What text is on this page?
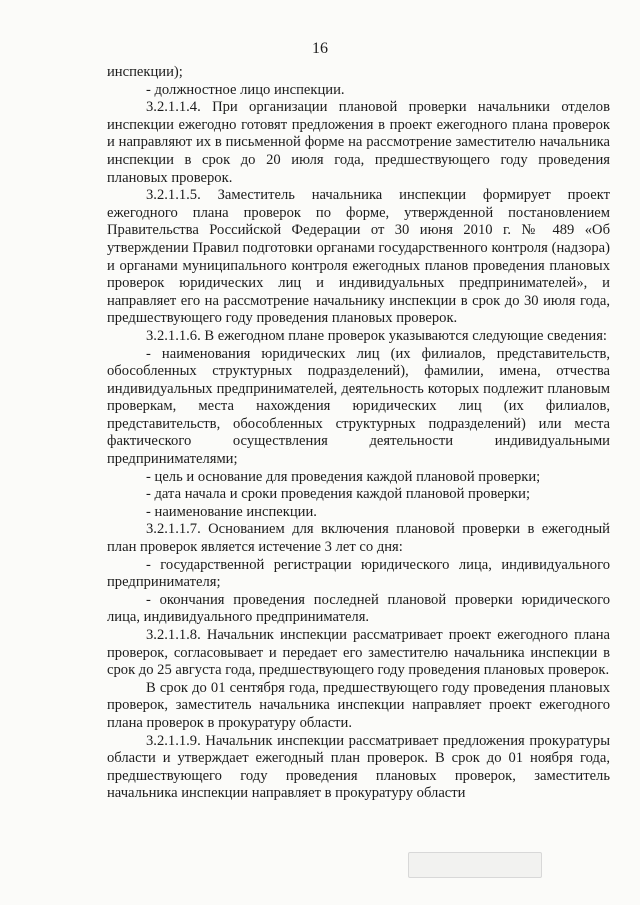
16

инспекции);

- должностное лицо инспекции.

3.2.1.1.4. При организации плановой проверки начальники отделов инспекции ежегодно готовят предложения в проект ежегодного плана проверок и направляют их в письменной форме на рассмотрение заместителю начальника инспекции в срок до 20 июля года, предшествующего году проведения плановых проверок.

3.2.1.1.5. Заместитель начальника инспекции формирует проект ежегодного плана проверок по форме, утвержденной постановлением Правительства Российской Федерации от 30 июня 2010 г. № 489 «Об утверждении Правил подготовки органами государственного контроля (надзора) и органами муниципального контроля ежегодных планов проведения плановых проверок юридических лиц и индивидуальных предпринимателей», и направляет его на рассмотрение начальнику инспекции в срок до 30 июля года, предшествующего году проведения плановых проверок.

3.2.1.1.6. В ежегодном плане проверок указываются следующие сведения:

- наименования юридических лиц (их филиалов, представительств, обособленных структурных подразделений), фамилии, имена, отчества индивидуальных предпринимателей, деятельность которых подлежит плановым проверкам, места нахождения юридических лиц (их филиалов, представительств, обособленных структурных подразделений) или места фактического осуществления деятельности индивидуальными предпринимателями;

- цель и основание для проведения каждой плановой проверки;

- дата начала и сроки проведения каждой плановой проверки;

- наименование инспекции.

3.2.1.1.7. Основанием для включения плановой проверки в ежегодный план проверок является истечение 3 лет со дня:

- государственной регистрации юридического лица, индивидуального предпринимателя;

- окончания проведения последней плановой проверки юридического лица, индивидуального предпринимателя.

3.2.1.1.8. Начальник инспекции рассматривает проект ежегодного плана проверок, согласовывает и передает его заместителю начальника инспекции в срок до 25 августа года, предшествующего году проведения плановых проверок.

В срок до 01 сентября года, предшествующего году проведения плановых проверок, заместитель начальника инспекции направляет проект ежегодного плана проверок в прокуратуру области.

3.2.1.1.9. Начальник инспекции рассматривает предложения прокуратуры области и утверждает ежегодный план проверок. В срок до 01 ноября года, предшествующего году проведения плановых проверок, заместитель начальника инспекции направляет в прокуратуру области
